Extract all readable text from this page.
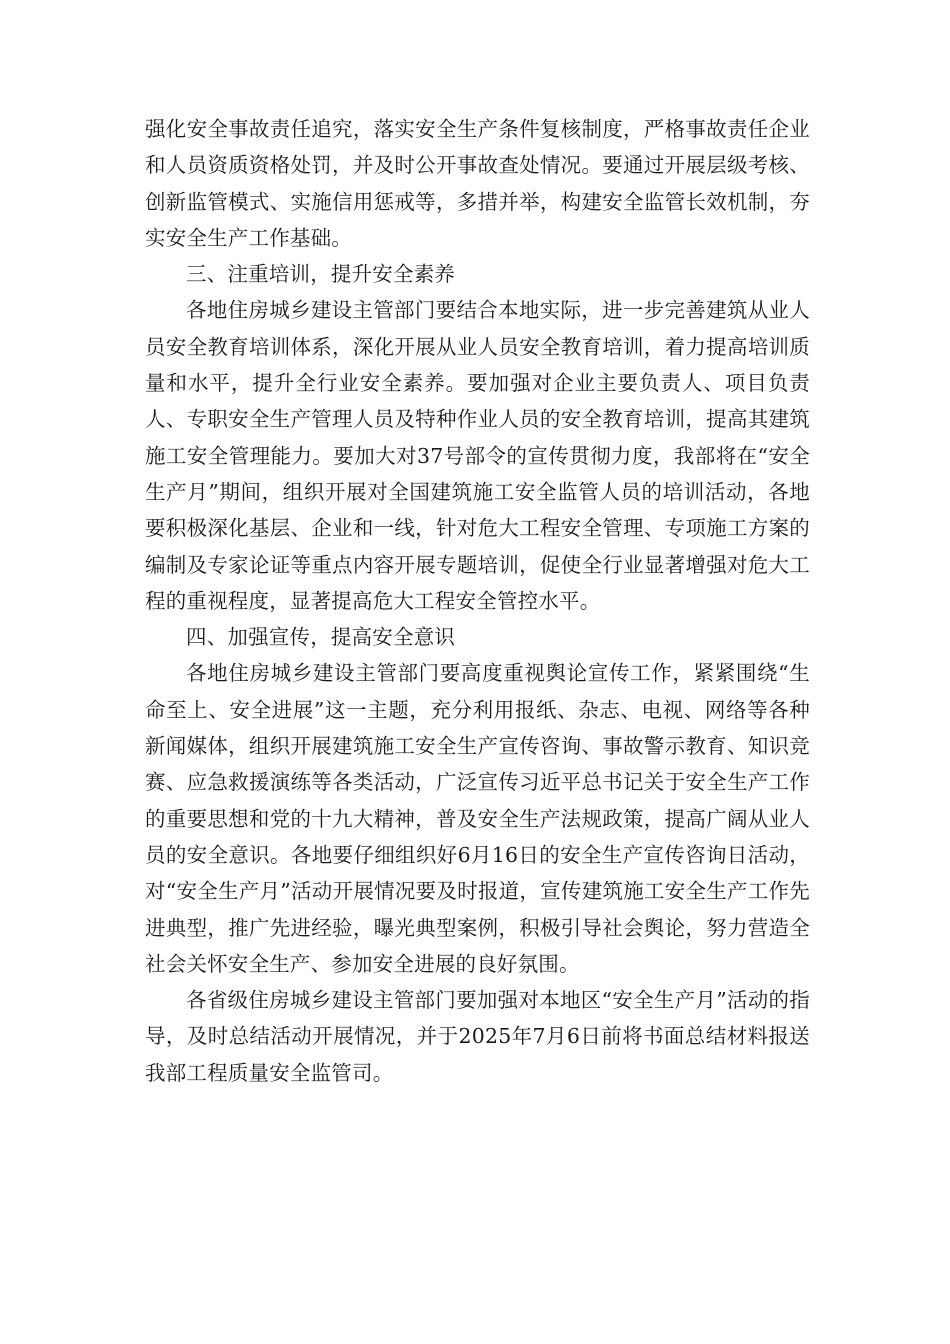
强化安全事故责任追究，落实安全生产条件复核制度，严格事故责任企业和人员资质资格处罚，并及时公开事故查处情况。要通过开展层级考核、创新监管模式、实施信用惩戒等，多措并举，构建安全监管长效机制，夯实安全生产工作基础。

三、注重培训，提升安全素养

各地住房城乡建设主管部门要结合本地实际，进一步完善建筑从业人员安全教育培训体系，深化开展从业人员安全教育培训，着力提高培训质量和水平，提升全行业安全素养。要加强对企业主要负责人、项目负责人、专职安全生产管理人员及特种作业人员的安全教育培训，提高其建筑施工安全管理能力。要加大对37号部令的宣传贯彻力度，我部将在“安全生产月”期间，组织开展对全国建筑施工安全监管人员的培训活动，各地要积极深化基层、企业和一线，针对危大工程安全管理、专项施工方案的编制及专家论证等重点内容开展专题培训，促使全行业显著增强对危大工程的重视程度，显著提高危大工程安全管控水平。

四、加强宣传，提高安全意识

各地住房城乡建设主管部门要高度重视舆论宣传工作，紧紧围绕“生命至上、安全进展”这一主题，充分利用报纸、杂志、电视、网络等各种新闻媒体，组织开展建筑施工安全生产宣传咨询、事故警示教育、知识竞赛、应急救援演练等各类活动，广泛宣传习近平总书记关于安全生产工作的重要思想和党的十九大精神，普及安全生产法规政策，提高广阔从业人员的安全意识。各地要仔细组织好6月16日的安全生产宣传咨询日活动，对“安全生产月”活动开展情况要及时报道，宣传建筑施工安全生产工作先进典型，推广先进经验，曝光典型案例，积极引导社会舆论，努力营造全社会关怀安全生产、参加安全进展的良好氛围。

各省级住房城乡建设主管部门要加强对本地区“安全生产月”活动的指导，及时总结活动开展情况，并于2025年7月6日前将书面总结材料报送我部工程质量安全监管司。
